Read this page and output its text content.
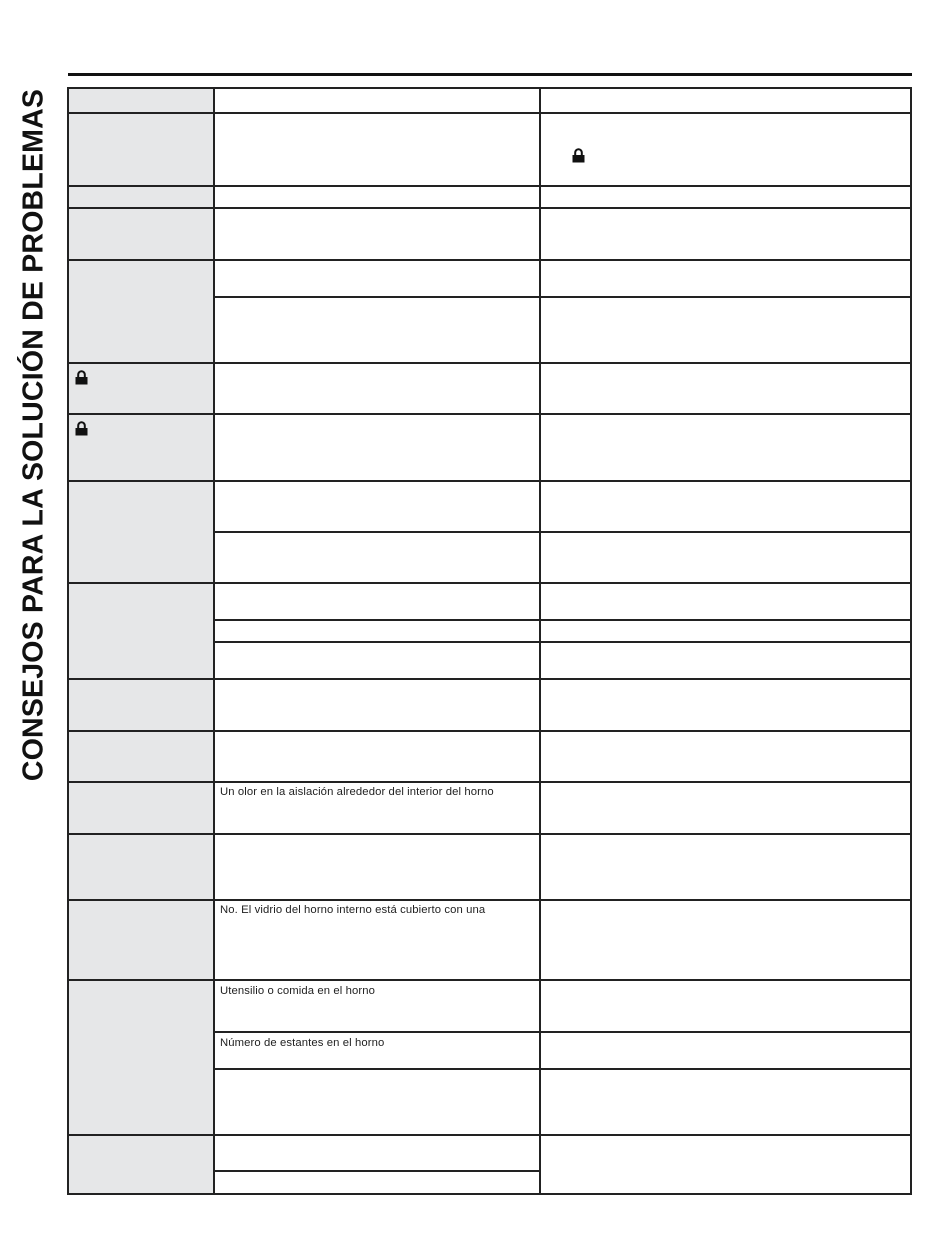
CONSEJOS PARA LA SOLUCIÓN DE PROBLEMAS
Un olor en la aislación alrededor del interior del horno
No. El vidrio del horno interno está cubierto con una
Utensilio o comida en el horno
Número de estantes en el horno
